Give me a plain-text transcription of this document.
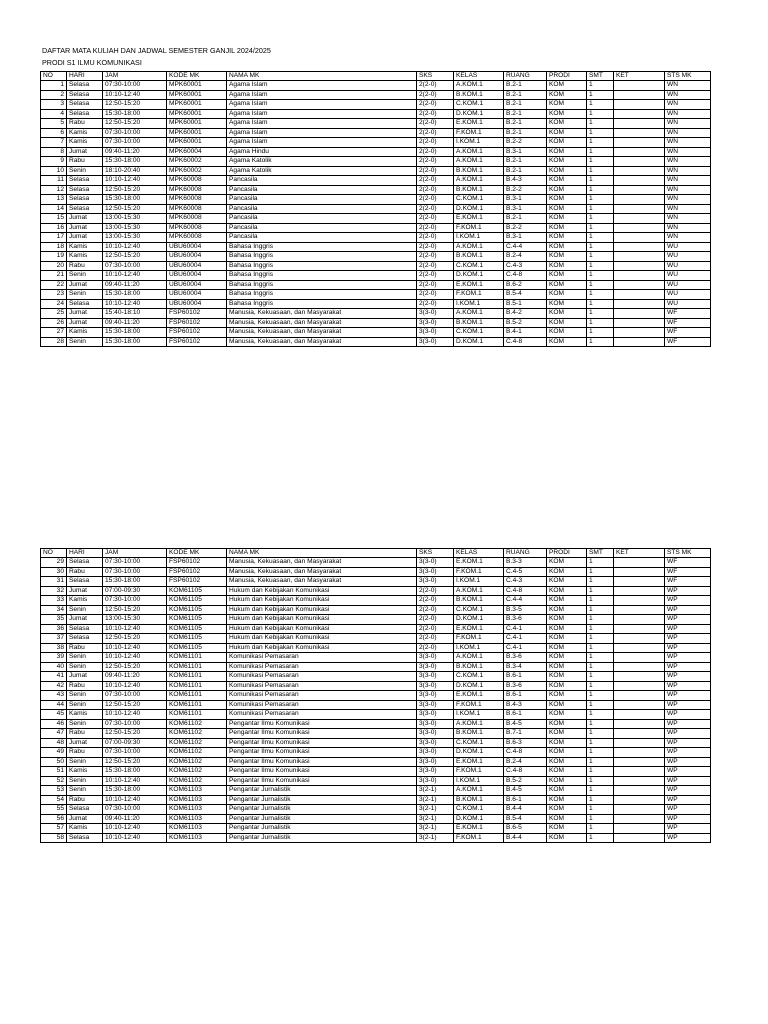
DAFTAR MATA KULIAH DAN JADWAL SEMESTER GANJIL 2024/2025
PRODI S1 ILMU KOMUNIKASI
NO	HARI	JAM	KODE MK	NAMA MK	SKS	KELAS	RUANG	PRODI	SMT	KET	STS MK
1	Selasa	07:30-10:00	MPK60001	Agama Islam	2(2-0)	A.KOM.1	B.2-1	KOM	1		WN
2	Selasa	10:10-12:40	MPK60001	Agama Islam	2(2-0)	B.KOM.1	B.2-1	KOM	1		WN
3	Selasa	12:50-15:20	MPK60001	Agama Islam	2(2-0)	C.KOM.1	B.2-1	KOM	1		WN
4	Selasa	15:30-18:00	MPK60001	Agama Islam	2(2-0)	D.KOM.1	B.2-1	KOM	1		WN
5	Rabu	12:50-15:20	MPK60001	Agama Islam	2(2-0)	E.KOM.1	B.2-1	KOM	1		WN
6	Kamis	07:30-10:00	MPK60001	Agama Islam	2(2-0)	F.KOM.1	B.2-1	KOM	1		WN
7	Kamis	07:30-10:00	MPK60001	Agama Islam	2(2-0)	I.KOM.1	B.2-2	KOM	1		WN
8	Jumat	09:40-11:20	MPK60004	Agama Hindu	2(2-0)	A.KOM.1	B.3-1	KOM	1		WN
9	Rabu	15:30-18:00	MPK60002	Agama Katolik	2(2-0)	A.KOM.1	B.2-1	KOM	1		WN
10	Senin	18:10-20:40	MPK60002	Agama Katolik	2(2-0)	B.KOM.1	B.2-1	KOM	1		WN
11	Selasa	10:10-12:40	MPK60008	Pancasila	2(2-0)	A.KOM.1	B.4-3	KOM	1		WN
12	Selasa	12:50-15:20	MPK60008	Pancasila	2(2-0)	B.KOM.1	B.2-2	KOM	1		WN
13	Selasa	15:30-18:00	MPK60008	Pancasila	2(2-0)	C.KOM.1	B.3-1	KOM	1		WN
14	Selasa	12:50-15:20	MPK60008	Pancasila	2(2-0)	D.KOM.1	B.3-1	KOM	1		WN
15	Jumat	13:00-15:30	MPK60008	Pancasila	2(2-0)	E.KOM.1	B.2-1	KOM	1		WN
16	Jumat	13:00-15:30	MPK60008	Pancasila	2(2-0)	F.KOM.1	B.2-2	KOM	1		WN
17	Jumat	13:00-15:30	MPK60008	Pancasila	2(2-0)	I.KOM.1	B.3-1	KOM	1		WN
18	Kamis	10:10-12:40	UBU60004	Bahasa Inggris	2(2-0)	A.KOM.1	C.4-4	KOM	1		WU
19	Kamis	12:50-15:20	UBU60004	Bahasa Inggris	2(2-0)	B.KOM.1	B.2-4	KOM	1		WU
20	Rabu	07:30-10:00	UBU60004	Bahasa Inggris	2(2-0)	C.KOM.1	C.4-3	KOM	1		WU
21	Senin	10:10-12:40	UBU60004	Bahasa Inggris	2(2-0)	D.KOM.1	C.4-8	KOM	1		WU
22	Jumat	09:40-11:20	UBU60004	Bahasa Inggris	2(2-0)	E.KOM.1	B.6-2	KOM	1		WU
23	Senin	15:30-18:00	UBU60004	Bahasa Inggris	2(2-0)	F.KOM.1	B.5-4	KOM	1		WU
24	Selasa	10:10-12:40	UBU60004	Bahasa Inggris	2(2-0)	I.KOM.1	B.5-1	KOM	1		WU
25	Jumat	15:40-18:10	FSP60102	Manusia, Kekuasaan, dan Masyarakat	3(3-0)	A.KOM.1	B.4-2	KOM	1		WF
26	Jumat	09:40-11:20	FSP60102	Manusia, Kekuasaan, dan Masyarakat	3(3-0)	B.KOM.1	B.5-2	KOM	1		WF
27	Kamis	15:30-18:00	FSP60102	Manusia, Kekuasaan, dan Masyarakat	3(3-0)	C.KOM.1	B.4-1	KOM	1		WF
28	Senin	15:30-18:00	FSP60102	Manusia, Kekuasaan, dan Masyarakat	3(3-0)	D.KOM.1	C.4-8	KOM	1		WF
NO	HARI	JAM	KODE MK	NAMA MK	SKS	KELAS	RUANG	PRODI	SMT	KET	STS MK
29	Selasa	07:30-10:00	FSP60102	Manusia, Kekuasaan, dan Masyarakat	3(3-0)	E.KOM.1	B.3-3	KOM	1		WF
30	Rabu	07:30-10:00	FSP60102	Manusia, Kekuasaan, dan Masyarakat	3(3-0)	F.KOM.1	C.4-5	KOM	1		WF
31	Selasa	15:30-18:00	FSP60102	Manusia, Kekuasaan, dan Masyarakat	3(3-0)	I.KOM.1	C.4-3	KOM	1		WF
32	Jumat	07:00-09:30	KOM61105	Hukum dan Kebijakan Komunikasi	2(2-0)	A.KOM.1	C.4-8	KOM	1		WP
33	Kamis	07:30-10:00	KOM61105	Hukum dan Kebijakan Komunikasi	2(2-0)	B.KOM.1	C.4-4	KOM	1		WP
34	Senin	12:50-15:20	KOM61105	Hukum dan Kebijakan Komunikasi	2(2-0)	C.KOM.1	B.3-5	KOM	1		WP
35	Jumat	13:00-15:30	KOM61105	Hukum dan Kebijakan Komunikasi	2(2-0)	D.KOM.1	B.3-6	KOM	1		WP
36	Selasa	10:10-12:40	KOM61105	Hukum dan Kebijakan Komunikasi	2(2-0)	E.KOM.1	C.4-1	KOM	1		WP
37	Selasa	12:50-15:20	KOM61105	Hukum dan Kebijakan Komunikasi	2(2-0)	F.KOM.1	C.4-1	KOM	1		WP
38	Rabu	10:10-12:40	KOM61105	Hukum dan Kebijakan Komunikasi	2(2-0)	I.KOM.1	C.4-1	KOM	1		WP
39	Senin	10:10-12:40	KOM61101	Komunikasi Pemasaran	3(3-0)	A.KOM.1	B.3-6	KOM	1		WP
40	Senin	12:50-15:20	KOM61101	Komunikasi Pemasaran	3(3-0)	B.KOM.1	B.3-4	KOM	1		WP
41	Jumat	09:40-11:20	KOM61101	Komunikasi Pemasaran	3(3-0)	C.KOM.1	B.6-1	KOM	1		WP
42	Rabu	10:10-12:40	KOM61101	Komunikasi Pemasaran	3(3-0)	D.KOM.1	B.3-6	KOM	1		WP
43	Senin	07:30-10:00	KOM61101	Komunikasi Pemasaran	3(3-0)	E.KOM.1	B.6-1	KOM	1		WP
44	Senin	12:50-15:20	KOM61101	Komunikasi Pemasaran	3(3-0)	F.KOM.1	B.4-3	KOM	1		WP
45	Kamis	10:10-12:40	KOM61101	Komunikasi Pemasaran	3(3-0)	I.KOM.1	B.6-1	KOM	1		WP
46	Senin	07:30-10:00	KOM61102	Pengantar Ilmu Komunikasi	3(3-0)	A.KOM.1	B.4-5	KOM	1		WP
47	Rabu	12:50-15:20	KOM61102	Pengantar Ilmu Komunikasi	3(3-0)	B.KOM.1	B.7-1	KOM	1		WP
48	Jumat	07:00-09:30	KOM61102	Pengantar Ilmu Komunikasi	3(3-0)	C.KOM.1	B.6-3	KOM	1		WP
49	Rabu	07:30-10:00	KOM61102	Pengantar Ilmu Komunikasi	3(3-0)	D.KOM.1	C.4-8	KOM	1		WP
50	Senin	12:50-15:20	KOM61102	Pengantar Ilmu Komunikasi	3(3-0)	E.KOM.1	B.2-4	KOM	1		WP
51	Kamis	15:30-18:00	KOM61102	Pengantar Ilmu Komunikasi	3(3-0)	F.KOM.1	C.4-8	KOM	1		WP
52	Senin	10:10-12:40	KOM61102	Pengantar Ilmu Komunikasi	3(3-0)	I.KOM.1	B.5-2	KOM	1		WP
53	Senin	15:30-18:00	KOM61103	Pengantar Jurnalistik	3(2-1)	A.KOM.1	B.4-5	KOM	1		WP
54	Rabu	10:10-12:40	KOM61103	Pengantar Jurnalistik	3(2-1)	B.KOM.1	B.6-1	KOM	1		WP
55	Selasa	07:30-10:00	KOM61103	Pengantar Jurnalistik	3(2-1)	C.KOM.1	B.4-4	KOM	1		WP
56	Jumat	09:40-11:20	KOM61103	Pengantar Jurnalistik	3(2-1)	D.KOM.1	B.5-4	KOM	1		WP
57	Kamis	10:10-12:40	KOM61103	Pengantar Jurnalistik	3(2-1)	E.KOM.1	B.6-5	KOM	1		WP
58	Selasa	10:10-12:40	KOM61103	Pengantar Jurnalistik	3(2-1)	F.KOM.1	B.4-4	KOM	1		WP
